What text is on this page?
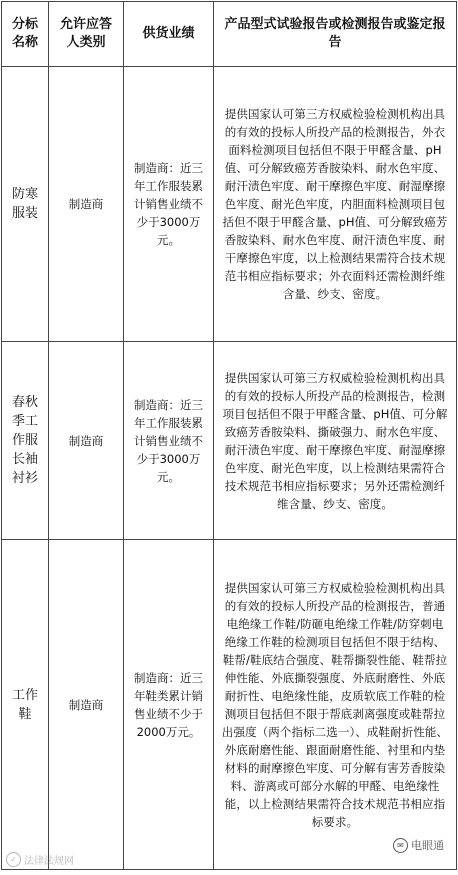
分标名称	允许应答人类别	供货业绩	产品型式试验报告或检测报告或鉴定报告

防寒服装	制造商	制造商：近三年工作服装累计销售业绩不少于3000万元。	提供国家认可第三方权威检验检测机构出具的有效的投标人所投产品的检测报告，外衣面料检测项目包括但不限于甲醛含量、pH值、可分解致癌芳香胺染料、耐水色牢度、耐汗渍色牢度、耐干摩擦色牢度、耐湿摩擦色牢度、耐光色牢度，内胆面料检测项目包括但不限于甲醛含量、pH值、可分解致癌芳香胺染料、耐水色牢度、耐汗渍色牢度、耐干摩擦色牢度，以上检测结果需符合技术规范书相应指标要求；外衣面料还需检测纤维含量、纱支、密度。

春秋季工作服长袖衬衫	制造商	制造商：近三年工作服装累计销售业绩不少于3000万元。	提供国家认可第三方权威检验检测机构出具的有效的投标人所投产品的检测报告，检测项目包括但不限于甲醛含量、pH值、可分解致癌芳香胺染料、撕破强力、耐水色牢度、耐汗渍色牢度、耐干摩擦色牢度、耐湿摩擦色牢度、耐光色牢度，以上检测结果需符合技术规范书相应指标要求；另外还需检测纤维含量、纱支、密度。

工作鞋	制造商	制造商：近三年鞋类累计销售业绩不少于2000万元。	提供国家认可第三方权威检验检测机构出具的有效的投标人所投产品的检测报告，普通电绝缘工作鞋/防砸电绝缘工作鞋/防穿刺电绝缘工作鞋的检测项目包括但不限于结构、鞋帮/鞋底结合强度、鞋帮撕裂性能、鞋帮拉伸性能、外底撕裂强度、外底耐磨性、外底耐折性、电绝缘性能，皮质软底工作鞋的检测项目包括但不限于帮底剥离强度或鞋帮拉出强度（两个指标二选一）、成鞋耐折性能、外底耐磨性能、跟面耐磨性能、衬里和内垫材料的耐摩擦色牢度、可分解有害芳香胺染料、游离或可部分水解的甲醛、电绝缘性能，以上检测结果需符合技术规范书相应指标要求。
✓ 法律法规网
✉ 电眼通
